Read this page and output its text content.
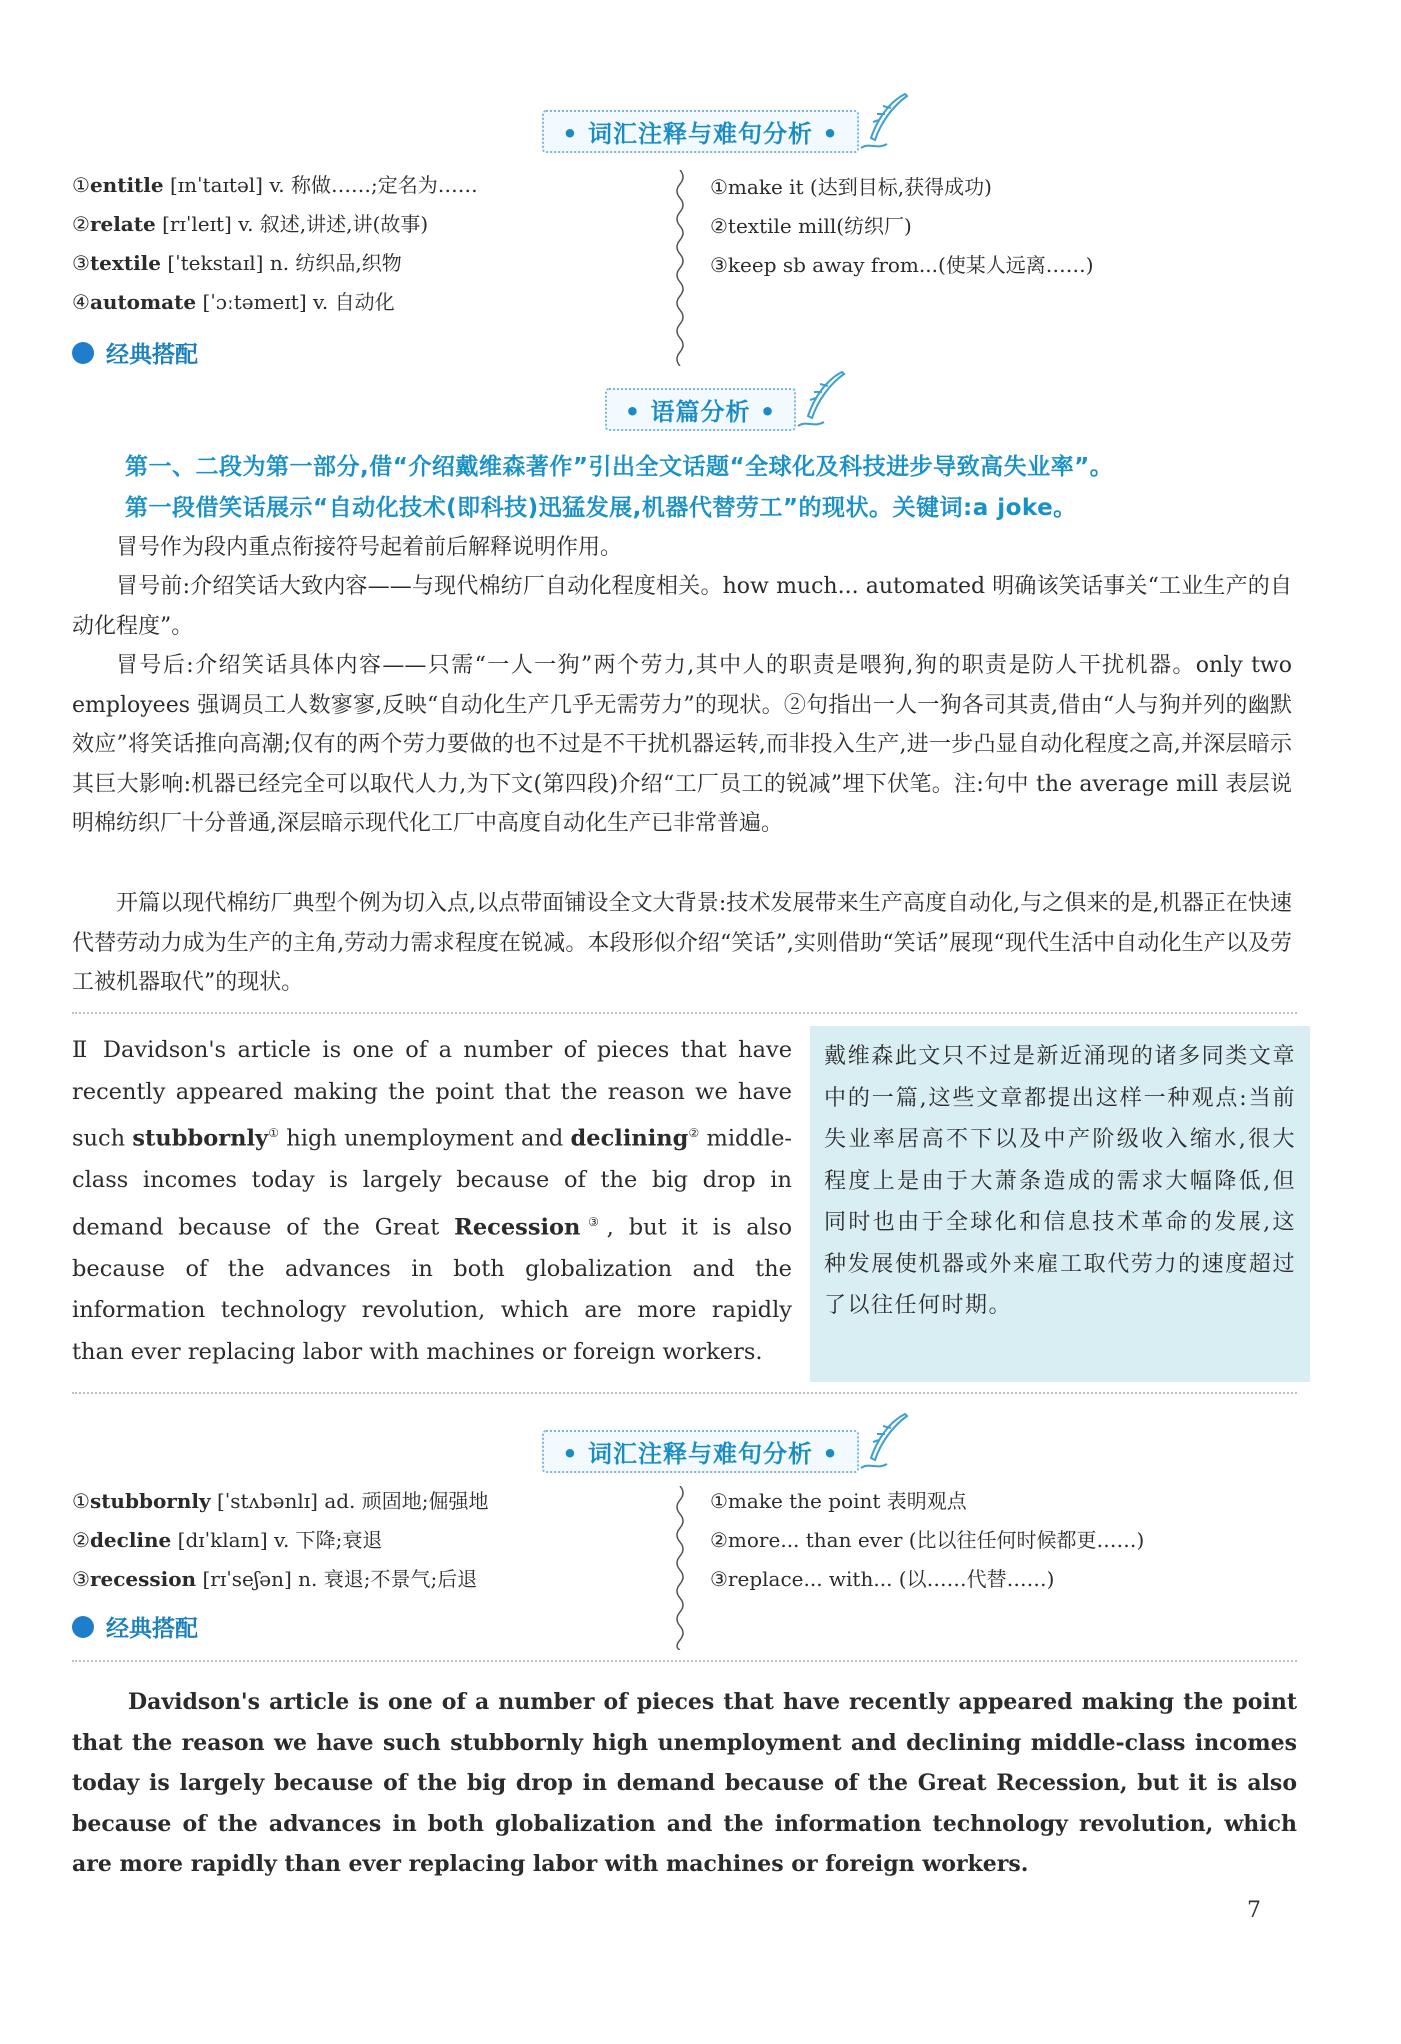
• 词汇注释与难句分析 •
①entitle [ɪnˈtaɪtəl] v. 称做……;定名为……
②relate [rɪˈleɪt] v. 叙述,讲述,讲(故事)
③textile [ˈtekstaɪl] n. 纺织品,织物
④automate [ˈɔːtəmeɪt] v. 自动化
①make it (达到目标,获得成功)
②textile mill(纺织厂)
③keep sb away from...(使某人远离……)
经典搭配
• 语篇分析 •
第一、二段为第一部分,借“介绍戴维森著作”引出全文话题“全球化及科技进步导致高失业率”。
第一段借笑话展示“自动化技术(即科技)迅猛发展,机器代替劳工”的现状。关键词:a joke。

冒号作为段内重点衔接符号起着前后解释说明作用。

冒号前:介绍笑话大致内容——与现代棉纺厂自动化程度相关。how much... automated 明确该笑话事关“工业生产的自动化程度”。

冒号后:介绍笑话具体内容——只需“一人一狗”两个劳力,其中人的职责是喂狗,狗的职责是防人干扰机器。only two employees 强调员工人数寥寥,反映“自动化生产几乎无需劳力”的现状。②句指出一人一狗各司其责,借由“人与狗并列的幽默效应”将笑话推向高潮;仅有的两个劳力要做的也不过是不干扰机器运转,而非投入生产,进一步凸显自动化程度之高,并深层暗示其巨大影响:机器已经完全可以取代人力,为下文(第四段)介绍“工厂员工的锐减”埋下伏笔。注:句中 the average mill 表层说明棉纺织厂十分普通,深层暗示现代化工厂中高度自动化生产已非常普遍。

开篇以现代棉纺厂典型个例为切入点,以点带面铺设全文大背景:技术发展带来生产高度自动化,与之俱来的是,机器正在快速代替劳动力成为生产的主角,劳动力需求程度在锐减。本段形似介绍“笑话”,实则借助“笑话”展现“现代生活中自动化生产以及劳工被机器取代”的现状。

Ⅱ Davidson's article is one of a number of pieces that have recently appeared making the point that the reason we have such stubbornly① high unemployment and declining② middle-class incomes today is largely because of the big drop in demand because of the Great Recession③, but it is also because of the advances in both globalization and the information technology revolution, which are more rapidly than ever replacing labor with machines or foreign workers.

戴维森此文只不过是新近涌现的诸多同类文章中的一篇,这些文章都提出这样一种观点:当前失业率居高不下以及中产阶级收入缩水,很大程度上是由于大萧条造成的需求大幅降低,但同时也由于全球化和信息技术革命的发展,这种发展使机器或外来雇工取代劳力的速度超过了以往任何时期。

• 词汇注释与难句分析 •
①stubbornly [ˈstʌbənlɪ] ad. 顽固地;倔强地
②decline [dɪˈklaɪn] v. 下降;衰退
③recession [rɪˈseʃən] n. 衰退;不景气;后退
①make the point 表明观点
②more... than ever (比以往任何时候都更……)
③replace... with... (以……代替……)
经典搭配

Davidson's article is one of a number of pieces that have recently appeared making the point that the reason we have such stubbornly high unemployment and declining middle-class incomes today is largely because of the big drop in demand because of the Great Recession, but it is also because of the advances in both globalization and the information technology revolution, which are more rapidly than ever replacing labor with machines or foreign workers.

7
